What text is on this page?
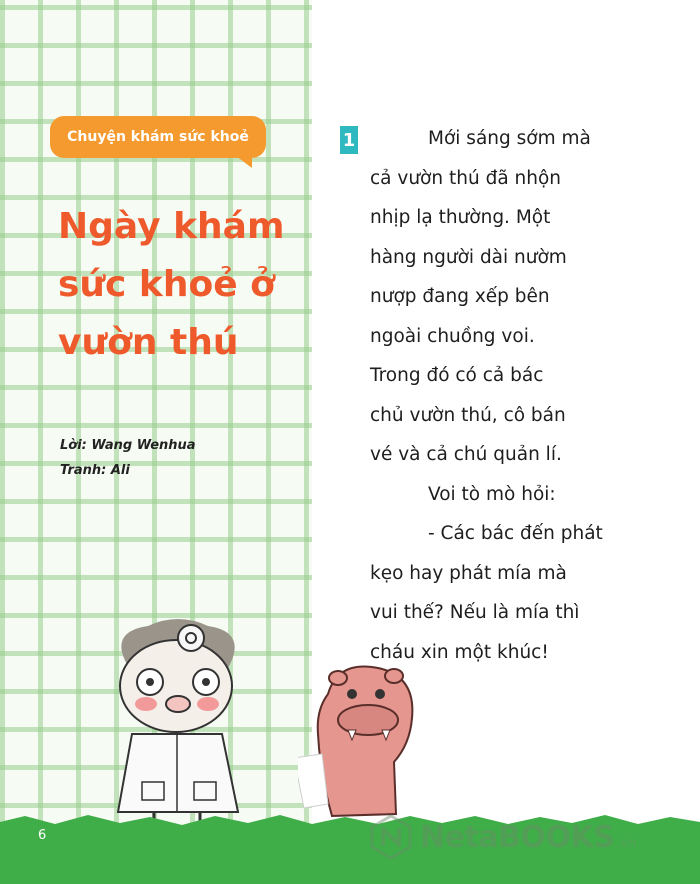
Chuyện khám sức khoẻ
Ngày khám
sức khoẻ ở
vườn thú
Lời: Wang Wenhua
Tranh: Ali
1	Mới sáng sớm mà
cả vườn thú đã nhộn
nhịp lạ thường. Một
hàng người dài nườm
nượp đang xếp bên
ngoài chuồng voi.
Trong đó có cả bác
chủ vườn thú, cô bán
vé và cả chú quản lí.
Voi tò mò hỏi:
- Các bác đến phát
kẹo hay phát mía mà
vui thế? Nếu là mía thì
cháu xin một khúc!
6	NetaBOOKS .vn
